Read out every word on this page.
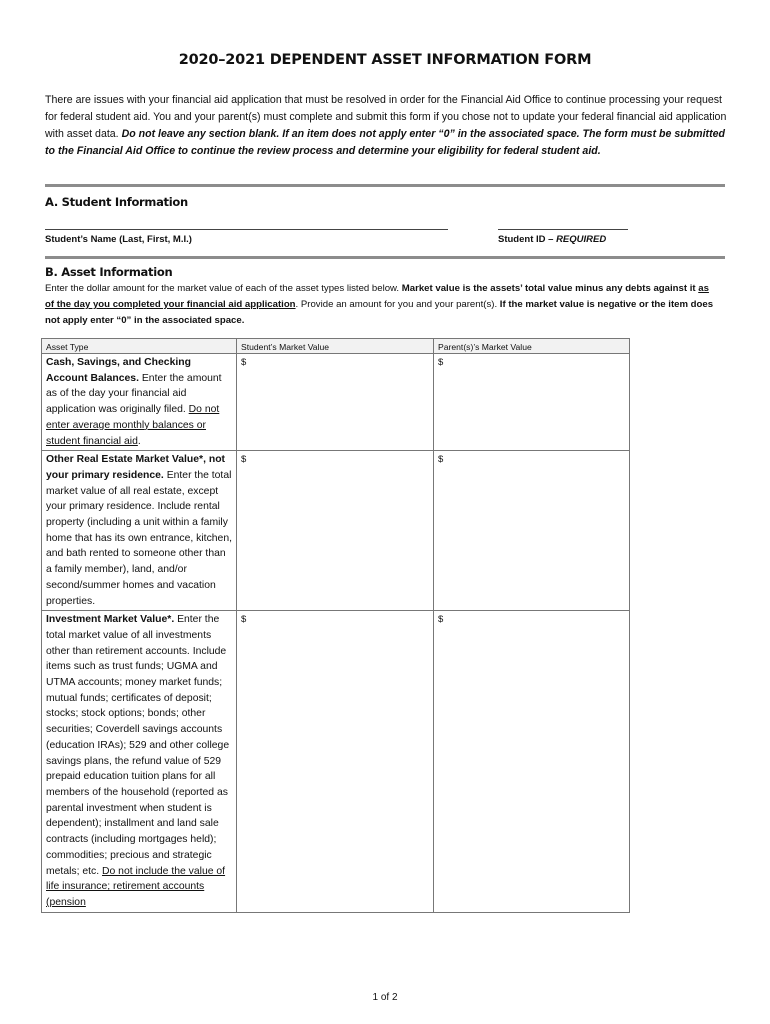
2020–2021 DEPENDENT ASSET INFORMATION FORM
There are issues with your financial aid application that must be resolved in order for the Financial Aid Office to continue processing your request for federal student aid. You and your parent(s) must complete and submit this form if you chose not to update your federal financial aid application with asset data. Do not leave any section blank. If an item does not apply enter “0” in the associated space. The form must be submitted to the Financial Aid Office to continue the review process and determine your eligibility for federal student aid.
A. Student Information
Student’s Name (Last, First, M.I.)	Student ID – REQUIRED
B. Asset Information
Enter the dollar amount for the market value of each of the asset types listed below. Market value is the assets’ total value minus any debts against it as of the day you completed your financial aid application. Provide an amount for you and your parent(s). If the market value is negative or the item does not apply enter “0” in the associated space.
Asset Type	Student’s Market Value	Parent(s)’s Market Value
Cash, Savings, and Checking Account Balances. Enter the amount as of the day your financial aid application was originally filed. Do not enter average monthly balances or student financial aid.	$	$
Other Real Estate Market Value*, not your primary residence. Enter the total market value of all real estate, except your primary residence. Include rental property (including a unit within a family home that has its own entrance, kitchen, and bath rented to someone other than a family member), land, and/or second/summer homes and vacation properties.	$	$
Investment Market Value*. Enter the total market value of all investments other than retirement accounts. Include items such as trust funds; UGMA and UTMA accounts; money market funds; mutual funds; certificates of deposit; stocks; stock options; bonds; other securities; Coverdell savings accounts (education IRAs); 529 and other college savings plans, the refund value of 529 prepaid education tuition plans for all members of the household (reported as parental investment when student is dependent); installment and land sale contracts (including mortgages held); commodities; precious and strategic metals; etc. Do not include the value of life insurance; retirement accounts (pension	$	$
1 of 2
